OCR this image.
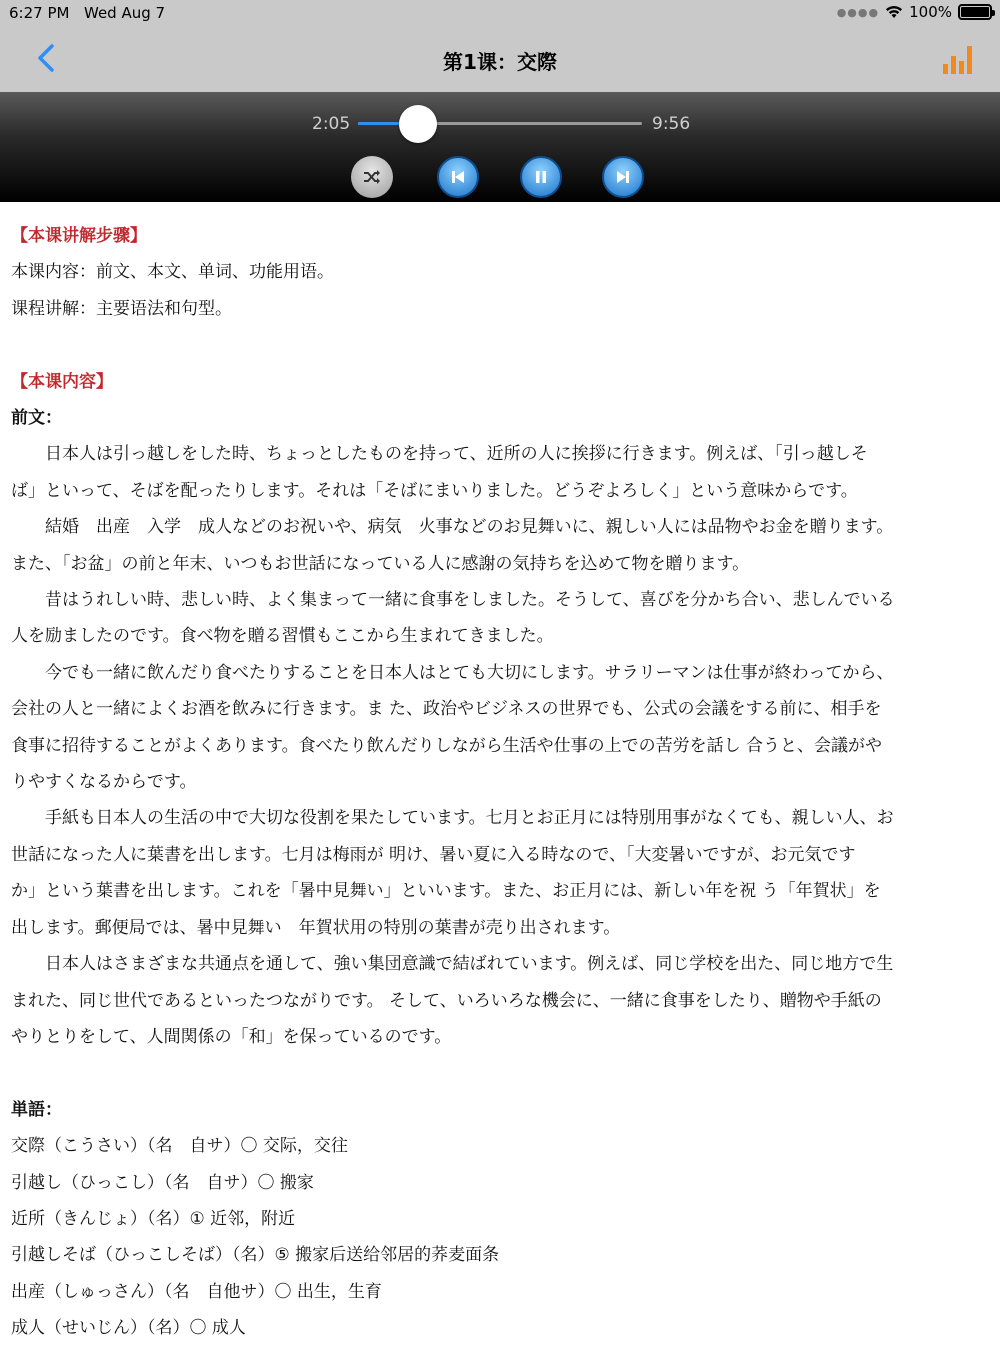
6:27 PM Wed Aug 7	●●●● 100%
第1课：交際
2:05	9:56

【本课讲解步骤】

本课内容：前文、本文、单词、功能用语。

课程讲解：主要语法和句型。

【本课内容】

前文：

日本人は引っ越しをした時、ちょっとしたものを持って、近所の人に挨拶に行きます。例えば、「引っ越しそ

ば」といって、そばを配ったりします。それは「そばにまいりました。どうぞよろしく」という意味からです。

結婚　出産　入学　成人などのお祝いや、病気　火事などのお見舞いに、親しい人には品物やお金を贈ります。

また、「お盆」の前と年末、いつもお世話になっている人に感謝の気持ちを込めて物を贈ります。

昔はうれしい時、悲しい時、よく集まって一緒に食事をしました。そうして、喜びを分かち合い、悲しんでいる

人を励ましたのです。食べ物を贈る習慣もここから生まれてきました。

今でも一緒に飲んだり食べたりすることを日本人はとても大切にします。サラリーマンは仕事が終わってから、

会社の人と一緒によくお酒を飲みに行きます。ま た、政治やビジネスの世界でも、公式の会議をする前に、相手を

食事に招待することがよくあります。食べたり飲んだりしながら生活や仕事の上での苦労を話し 合うと、会議がや

りやすくなるからです。

手紙も日本人の生活の中で大切な役割を果たしています。七月とお正月には特別用事がなくても、親しい人、お

世話になった人に葉書を出します。七月は梅雨が 明け、暑い夏に入る時なので、「大変暑いですが、お元気です

か」という葉書を出します。これを「暑中見舞い」といいます。また、お正月には、新しい年を祝 う「年賀状」を

出します。郵便局では、暑中見舞い　年賀状用の特別の葉書が売り出されます。

日本人はさまざまな共通点を通して、強い集団意識で結ばれています。例えば、同じ学校を出た、同じ地方で生

まれた、同じ世代であるといったつながりです。 そして、いろいろな機会に、一緒に食事をしたり、贈物や手紙の

やりとりをして、人間関係の「和」を保っているのです。

単語：

交際（こうさい）（名　自サ）〇 交际，交往

引越し（ひっこし）（名　自サ）〇 搬家

近所（きんじょ）（名）① 近邻，附近

引越しそば（ひっこしそば）（名）⑤ 搬家后送给邻居的荞麦面条

出産（しゅっさん）（名　自他サ）〇 出生，生育

成人（せいじん）（名）〇 成人
